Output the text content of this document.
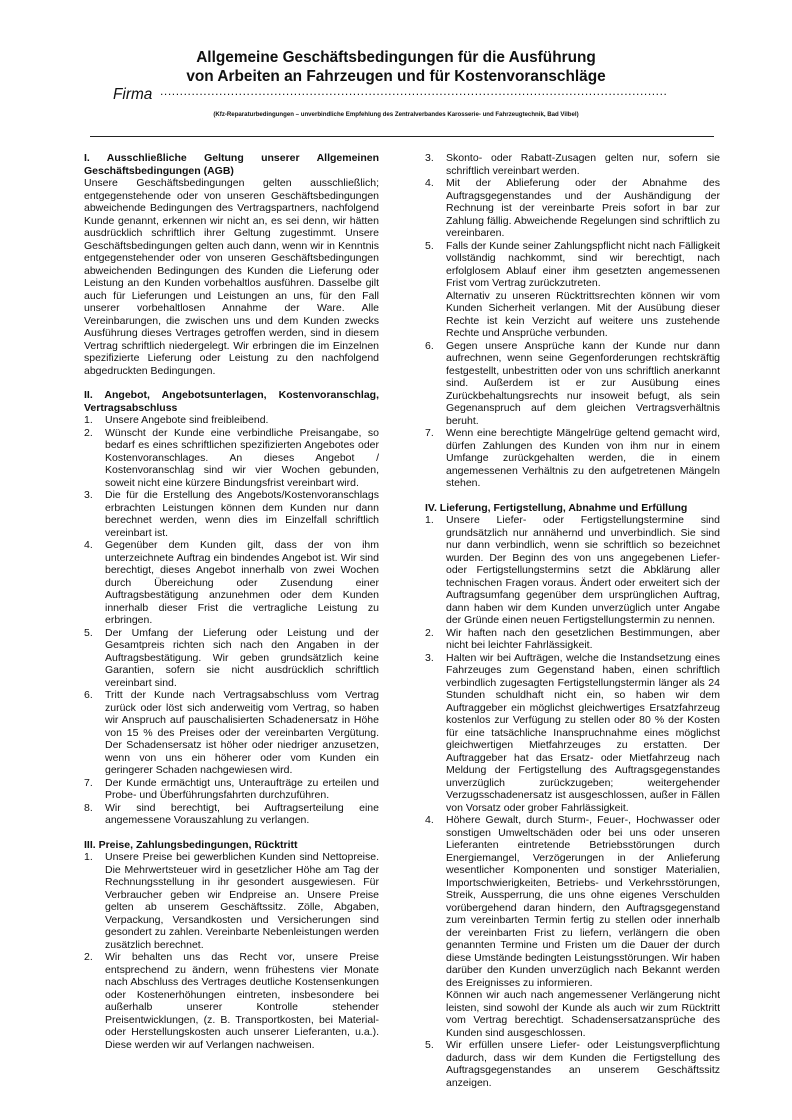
Allgemeine Geschäftsbedingungen für die Ausführung
von Arbeiten an Fahrzeugen und für Kostenvoranschläge
Firma .................................................................................................................................
(Kfz-Reparaturbedingungen – unverbindliche Empfehlung des Zentralverbandes Karosserie- und Fahrzeugtechnik, Bad Vilbel)

I. Ausschließliche Geltung unserer Allgemeinen Geschäftsbedingungen (AGB)

Unsere Geschäftsbedingungen gelten ausschließlich; entgegenstehende oder von unseren Geschäftsbedingungen abweichende Bedingungen des Vertragspartners, nachfolgend Kunde genannt, erkennen wir nicht an, es sei denn, wir hätten ausdrücklich schriftlich ihrer Geltung zugestimmt. Unsere Geschäftsbedingungen gelten auch dann, wenn wir in Kenntnis entgegenstehender oder von unseren Geschäftsbedingungen abweichenden Bedingungen des Kunden die Lieferung oder Leistung an den Kunden vorbehaltlos ausführen. Dasselbe gilt auch für Lieferungen und Leistungen an uns, für den Fall unserer vorbehaltlosen Annahme der Ware. Alle Vereinbarungen, die zwischen uns und dem Kunden zwecks Ausführung dieses Vertrages getroffen werden, sind in diesem Vertrag schriftlich niedergelegt. Wir erbringen die im Einzelnen spezifizierte Lieferung oder Leistung zu den nachfolgend abgedruckten Bedingungen.

II. Angebot, Angebotsunterlagen, Kostenvoranschlag, Vertragsabschluss

1. Unsere Angebote sind freibleibend.
2. Wünscht der Kunde eine verbindliche Preisangabe, so bedarf es eines schriftlichen spezifizierten Angebotes oder Kostenvoranschlages. An dieses Angebot / Kostenvoranschlag sind wir vier Wochen gebunden, soweit nicht eine kürzere Bindungsfrist vereinbart wird.
3. Die für die Erstellung des Angebots/Kostenvoranschlags erbrachten Leistungen können dem Kunden nur dann berechnet werden, wenn dies im Einzelfall schriftlich vereinbart ist.
4. Gegenüber dem Kunden gilt, dass der von ihm unterzeichnete Auftrag ein bindendes Angebot ist. Wir sind berechtigt, dieses Angebot innerhalb von zwei Wochen durch Übereichung oder Zusendung einer Auftragsbestätigung anzunehmen oder dem Kunden innerhalb dieser Frist die vertragliche Leistung zu erbringen.
5. Der Umfang der Lieferung oder Leistung und der Gesamtpreis richten sich nach den Angaben in der Auftragsbestätigung. Wir geben grundsätzlich keine Garantien, sofern sie nicht ausdrücklich schriftlich vereinbart sind.
6. Tritt der Kunde nach Vertragsabschluss vom Vertrag zurück oder löst sich anderweitig vom Vertrag, so haben wir Anspruch auf pauschalisierten Schadenersatz in Höhe von 15 % des Preises oder der vereinbarten Vergütung. Der Schadensersatz ist höher oder niedriger anzusetzen, wenn von uns ein höherer oder vom Kunden ein geringerer Schaden nachgewiesen wird.
7. Der Kunde ermächtigt uns, Unteraufträge zu erteilen und Probe- und Überführungsfahrten durchzuführen.
8. Wir sind berechtigt, bei Auftragserteilung eine angemessene Vorauszahlung zu verlangen.

III. Preise, Zahlungsbedingungen, Rücktritt

1. Unsere Preise bei gewerblichen Kunden sind Nettopreise. Die Mehrwertsteuer wird in gesetzlicher Höhe am Tag der Rechnungsstellung in ihr gesondert ausgewiesen. Für Verbraucher geben wir Endpreise an. Unsere Preise gelten ab unserem Geschäftssitz. Zölle, Abgaben, Verpackung, Versandkosten und Versicherungen sind gesondert zu zahlen. Vereinbarte Nebenleistungen werden zusätzlich berechnet.
2. Wir behalten uns das Recht vor, unsere Preise entsprechend zu ändern, wenn frühestens vier Monate nach Abschluss des Vertrages deutliche Kostensenkungen oder Kostenerhöhungen eintreten, insbesondere bei außerhalb unserer Kontrolle stehender Preisentwicklungen, (z. B. Transportkosten, bei Material- oder Herstellungskosten auch unserer Lieferanten, u.a.). Diese werden wir auf Verlangen nachweisen.
3. Skonto- oder Rabatt-Zusagen gelten nur, sofern sie schriftlich vereinbart werden.
4. Mit der Ablieferung oder der Abnahme des Auftragsgegenstandes und der Aushändigung der Rechnung ist der vereinbarte Preis sofort in bar zur Zahlung fällig. Abweichende Regelungen sind schriftlich zu vereinbaren.
5. Falls der Kunde seiner Zahlungspflicht nicht nach Fälligkeit vollständig nachkommt, sind wir berechtigt, nach erfolglosem Ablauf einer ihm gesetzten angemessenen Frist vom Vertrag zurückzutreten.
Alternativ zu unseren Rücktrittsrechten können wir vom Kunden Sicherheit verlangen. Mit der Ausübung dieser Rechte ist kein Verzicht auf weitere uns zustehende Rechte und Ansprüche verbunden.
6. Gegen unsere Ansprüche kann der Kunde nur dann aufrechnen, wenn seine Gegenforderungen rechtskräftig festgestellt, unbestritten oder von uns schriftlich anerkannt sind. Außerdem ist er zur Ausübung eines Zurückbehaltungsrechts nur insoweit befugt, als sein Gegenanspruch auf dem gleichen Vertragsverhältnis beruht.
7. Wenn eine berechtigte Mängelrüge geltend gemacht wird, dürfen Zahlungen des Kunden von ihm nur in einem Umfange zurückgehalten werden, die in einem angemessenen Verhältnis zu den aufgetretenen Mängeln stehen.

IV. Lieferung, Fertigstellung, Abnahme und Erfüllung

1. Unsere Liefer- oder Fertigstellungstermine sind grundsätzlich nur annähernd und unverbindlich. Sie sind nur dann verbindlich, wenn sie schriftlich so bezeichnet wurden. Der Beginn des von uns angegebenen Liefer- oder Fertigstellungstermins setzt die Abklärung aller technischen Fragen voraus. Ändert oder erweitert sich der Auftragsumfang gegenüber dem ursprünglichen Auftrag, dann haben wir dem Kunden unverzüglich unter Angabe der Gründe einen neuen Fertigstellungstermin zu nennen.
2. Wir haften nach den gesetzlichen Bestimmungen, aber nicht bei leichter Fahrlässigkeit.
3. Halten wir bei Aufträgen, welche die Instandsetzung eines Fahrzeuges zum Gegenstand haben, einen schriftlich verbindlich zugesagten Fertigstellungstermin länger als 24 Stunden schuldhaft nicht ein, so haben wir dem Auftraggeber ein möglichst gleichwertiges Ersatzfahrzeug kostenlos zur Verfügung zu stellen oder 80 % der Kosten für eine tatsächliche Inanspruchnahme eines möglichst gleichwertigen Mietfahrzeuges zu erstatten. Der Auftraggeber hat das Ersatz- oder Mietfahrzeug nach Meldung der Fertigstellung des Auftragsgegenstandes unverzüglich zurückzugeben; weitergehender Verzugsschadenersatz ist ausgeschlossen, außer in Fällen von Vorsatz oder grober Fahrlässigkeit.
4. Höhere Gewalt, durch Sturm-, Feuer-, Hochwasser oder sonstigen Umweltschäden oder bei uns oder unseren Lieferanten eintretende Betriebsstörungen durch Energiemangel, Verzögerungen in der Anlieferung wesentlicher Komponenten und sonstiger Materialien, Importschwierigkeiten, Betriebs- und Verkehrsstörungen, Streik, Aussperrung, die uns ohne eigenes Verschulden vorübergehend daran hindern, den Auftragsgegenstand zum vereinbarten Termin fertig zu stellen oder innerhalb der vereinbarten Frist zu liefern, verlängern die oben genannten Termine und Fristen um die Dauer der durch diese Umstände bedingten Leistungsstörungen. Wir haben darüber den Kunden unverzüglich nach Bekannt werden des Ereignisses zu informieren.
Können wir auch nach angemessener Verlängerung nicht leisten, sind sowohl der Kunde als auch wir zum Rücktritt vom Vertrag berechtigt. Schadensersatzansprüche des Kunden sind ausgeschlossen.
5. Wir erfüllen unsere Liefer- oder Leistungsverpflichtung dadurch, dass wir dem Kunden die Fertigstellung des Auftragsgegenstandes an unserem Geschäftssitz anzeigen.
